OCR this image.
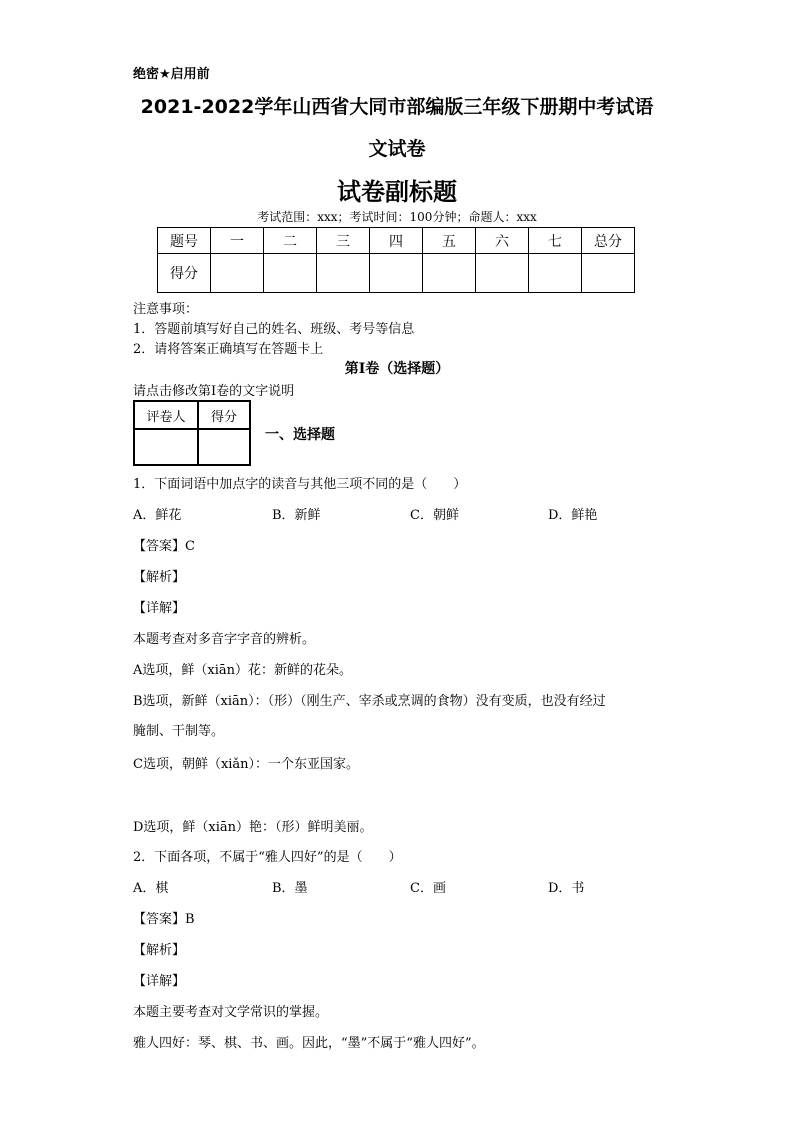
绝密★启用前
2021-2022学年山西省大同市部编版三年级下册期中考试语
文试卷
试卷副标题
考试范围：xxx；考试时间：100分钟；命题人：xxx
题号	一	二	三	四	五	六	七	总分
得分								
注意事项：
1．答题前填写好自己的姓名、班级、考号等信息
2．请将答案正确填写在答题卡上
第I卷（选择题）
请点击修改第I卷的文字说明
评卷人	得分

一、选择题
1．下面词语中加点字的读音与其他三项不同的是（　　）
A．鲜花	B．新鲜	C．朝鲜	D．鲜艳
【答案】C
【解析】
【详解】
本题考查对多音字字音的辨析。
A选项，鲜（xiān）花：新鲜的花朵。
B选项，新鲜（xiān）：（形）（刚生产、宰杀或烹调的食物）没有变质，也没有经过
腌制、干制等。
C选项，朝鲜（xiǎn）：一个东亚国家。
D选项，鲜（xiān）艳：（形）鲜明美丽。
2．下面各项，不属于“雅人四好”的是（　　）
A．棋	B．墨	C．画	D．书
【答案】B
【解析】
【详解】
本题主要考查对文学常识的掌握。
雅人四好：琴、棋、书、画。因此，“墨”不属于“雅人四好”。
